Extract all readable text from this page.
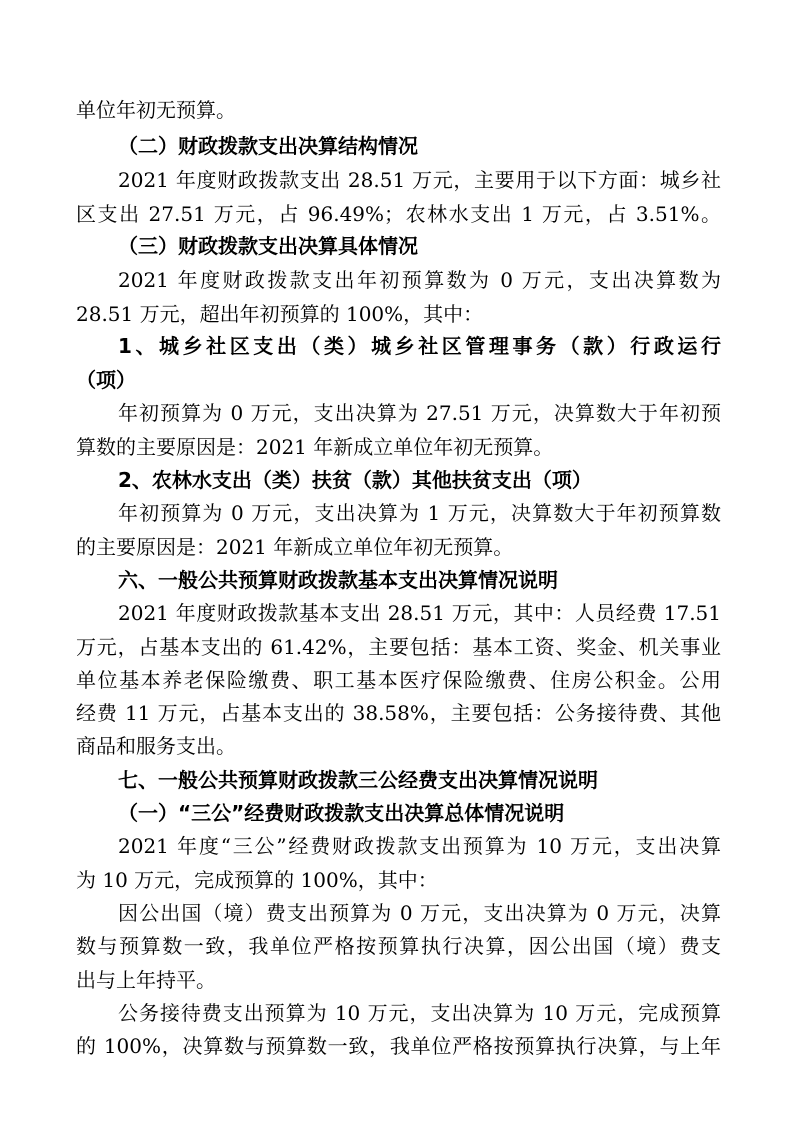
单位年初无预算。
（二）财政拨款支出决算结构情况
2021 年度财政拨款支出 28.51 万元，主要用于以下方面：城乡社
区支出 27.51 万元，占 96.49%；农林水支出 1 万元，占 3.51%。
（三）财政拨款支出决算具体情况
2021 年度财政拨款支出年初预算数为 0 万元，支出决算数为
28.51 万元，超出年初预算的 100%，其中：
1、城乡社区支出（类）城乡社区管理事务（款）行政运行
（项）
年初预算为 0 万元，支出决算为 27.51 万元，决算数大于年初预
算数的主要原因是：2021 年新成立单位年初无预算。
2、农林水支出（类）扶贫（款）其他扶贫支出（项）
年初预算为 0 万元，支出决算为 1 万元，决算数大于年初预算数
的主要原因是：2021 年新成立单位年初无预算。
六、一般公共预算财政拨款基本支出决算情况说明
2021 年度财政拨款基本支出 28.51 万元，其中：人员经费 17.51
万元，占基本支出的 61.42%，主要包括：基本工资、奖金、机关事业
单位基本养老保险缴费、职工基本医疗保险缴费、住房公积金。公用
经费 11 万元，占基本支出的 38.58%，主要包括：公务接待费、其他
商品和服务支出。
七、一般公共预算财政拨款三公经费支出决算情况说明
（一）“三公”经费财政拨款支出决算总体情况说明
2021 年度“三公”经费财政拨款支出预算为 10 万元，支出决算
为 10 万元，完成预算的 100%，其中：
因公出国（境）费支出预算为 0 万元，支出决算为 0 万元，决算
数与预算数一致，我单位严格按预算执行决算，因公出国（境）费支
出与上年持平。
公务接待费支出预算为 10 万元，支出决算为 10 万元，完成预算
的 100%，决算数与预算数一致，我单位严格按预算执行决算，与上年
